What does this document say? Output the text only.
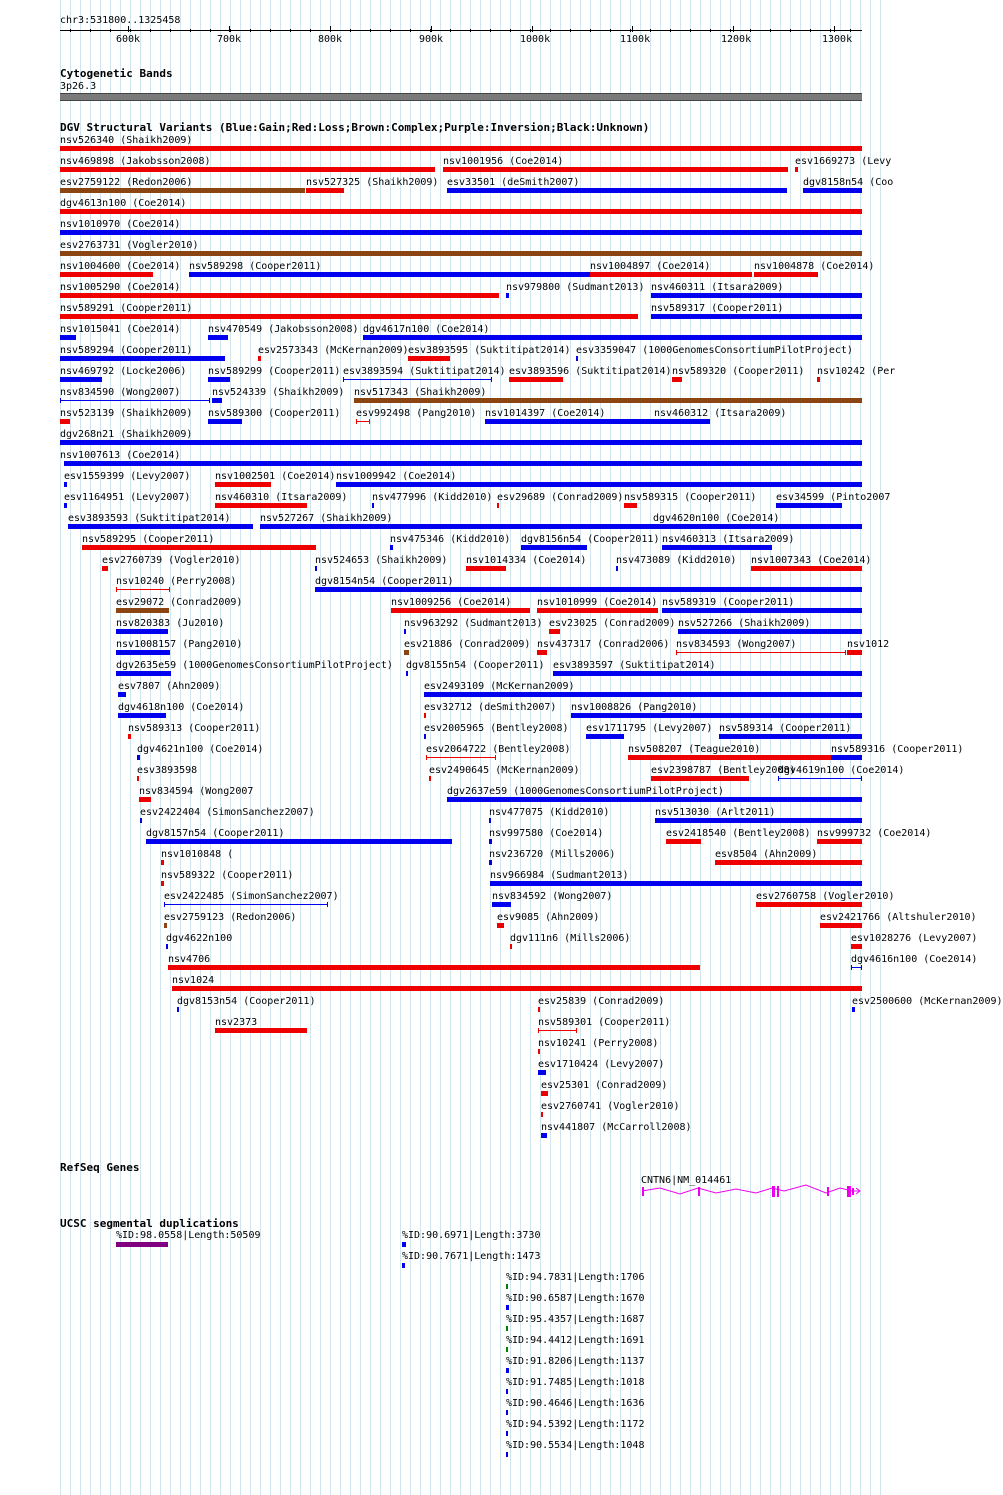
chr3:531800..1325458
600k	700k	800k	900k	1000k	1100k	1200k	1300k
Cytogenetic Bands
3p26.3
DGV Structural Variants (Blue:Gain;Red:Loss;Brown:Complex;Purple:Inversion;Black:Unknown)
nsv526340 (Shaikh2009)
nsv469898 (Jakobsson2008)	nsv1001956 (Coe2014)	esv1669273 (Levy
esv2759122 (Redon2006)	nsv527325 (Shaikh2009) esv33501 (deSmith2007)	dgv8158n54 (Coo
dgv4613n100 (Coe2014)
nsv1010970 (Coe2014)
esv2763731 (Vogler2010)
nsv1004600 (Coe2014) nsv589298 (Cooper2011)	nsv1004897 (Coe2014)	nsv1004878 (Coe2014)
nsv1005290 (Coe2014)	nsv979800 (Sudmant2013) nsv460311 (Itsara2009)
nsv589291 (Cooper2011)	nsv589317 (Cooper2011)
nsv1015041 (Coe2014)	nsv470549 (Jakobsson2008) dgv4617n100 (Coe2014)
nsv589294 (Cooper2011)	esv2573343 (McKernan2009) esv3893595 (Suktitipat2014) esv3359047 (1000GenomesConsortiumPilotProject)
nsv469792 (Locke2006) nsv589299 (Cooper2011) esv3893594 (Suktitipat2014) esv3893596 (Suktitipat2014) nsv589320 (Cooper2011) nsv10242 (Per
nsv834590 (Wong2007)	nsv524339 (Shaikh2009) nsv517343 (Shaikh2009)
nsv523139 (Shaikh2009) nsv589300 (Cooper2011) esv992498 (Pang2010) nsv1014397 (Coe2014)	nsv460312 (Itsara2009)
dgv268n21 (Shaikh2009)
nsv1007613 (Coe2014)
esv1559399 (Levy2007) nsv1002501 (Coe2014) nsv1009942 (Coe2014)
esv1164951 (Levy2007) nsv460310 (Itsara2009) nsv477996 (Kidd2010) esv29689 (Conrad2009) nsv589315 (Cooper2011) esv34599 (Pinto2007
esv3893593 (Suktitipat2014)	nsv527267 (Shaikh2009)	dgv4620n100 (Coe2014)
nsv589295 (Cooper2011)	nsv475346 (Kidd2010) dgv8156n54 (Cooper2011) nsv460313 (Itsara2009)
esv2760739 (Vogler2010)	nsv524653 (Shaikh2009) nsv1014334 (Coe2014)	nsv473089 (Kidd2010) nsv1007343 (Coe2014)
nsv10240 (Perry2008)	dgv8154n54 (Cooper2011)
esv29072 (Conrad2009)	nsv1009256 (Coe2014)	nsv1010999 (Coe2014) nsv589319 (Cooper2011)
nsv820383 (Ju2010)	nsv963292 (Sudmant2013) esv23025 (Conrad2009) nsv527266 (Shaikh2009)
nsv1008157 (Pang2010)	esv21886 (Conrad2009) nsv437317 (Conrad2006) nsv834593 (Wong2007)	nsv1012
dgv2635e59 (1000GenomesConsortiumPilotProject) dgv8155n54 (Cooper2011) esv3893597 (Suktitipat2014)
esv7807 (Ahn2009)	esv2493109 (McKernan2009)
dgv4618n100 (Coe2014)	esv32712 (deSmith2007) nsv1008826 (Pang2010)
nsv589313 (Cooper2011)	esv2005965 (Bentley2008) esv1711795 (Levy2007) nsv589314 (Cooper2011)
dgv4621n100 (Coe2014)	esv2064722 (Bentley2008)	nsv508207 (Teague2010)	nsv589316 (Cooper2011)
esv3893598	esv2490645 (McKernan2009)	esv2398787 (Bentley2008)
dgv4619n100 (Coe2014)
nsv834594 (Wong2007	dgv2637e59 (1000GenomesConsortiumPilotProject)
esv2422404 (SimonSanchez2007)	nsv477075 (Kidd2010)	nsv513030 (Arlt2011)
dgv8157n54 (Cooper2011)	nsv997580 (Coe2014)	esv2418540 (Bentley2008) nsv999732 (Coe2014)
nsv1010848 (	nsv236720 (Mills2006)	esv8504 (Ahn2009)
nsv589322 (Cooper2011)	nsv966984 (Sudmant2013)
esv2422485 (SimonSanchez2007)	nsv834592 (Wong2007)	esv2760758 (Vogler2010)
esv2759123 (Redon2006)	esv9085 (Ahn2009)	esv2421766 (Altshuler2010)
dgv4622n100	dgv111n6 (Mills2006)	esv1028276 (Levy2007)
nsv4706	dgv4616n100 (Coe2014)
nsv1024
dgv8153n54 (Cooper2011)	esv25839 (Conrad2009)	esv2500600 (McKernan2009)
nsv2373	nsv589301 (Cooper2011)
nsv10241 (Perry2008)
esv1710424 (Levy2007)
esv25301 (Conrad2009)
esv2760741 (Vogler2010)
nsv441807 (McCarroll2008)
RefSeq Genes
CNTN6|NM_014461
UCSC segmental duplications
%ID:98.0558|Length:50509	%ID:90.6971|Length:3730
%ID:90.7671|Length:1473
%ID:94.7831|Length:1706
%ID:90.6587|Length:1670
%ID:95.4357|Length:1687
%ID:94.4412|Length:1691
%ID:91.8206|Length:1137
%ID:91.7485|Length:1018
%ID:90.4646|Length:1636
%ID:94.5392|Length:1172
%ID:90.5534|Length:1048
